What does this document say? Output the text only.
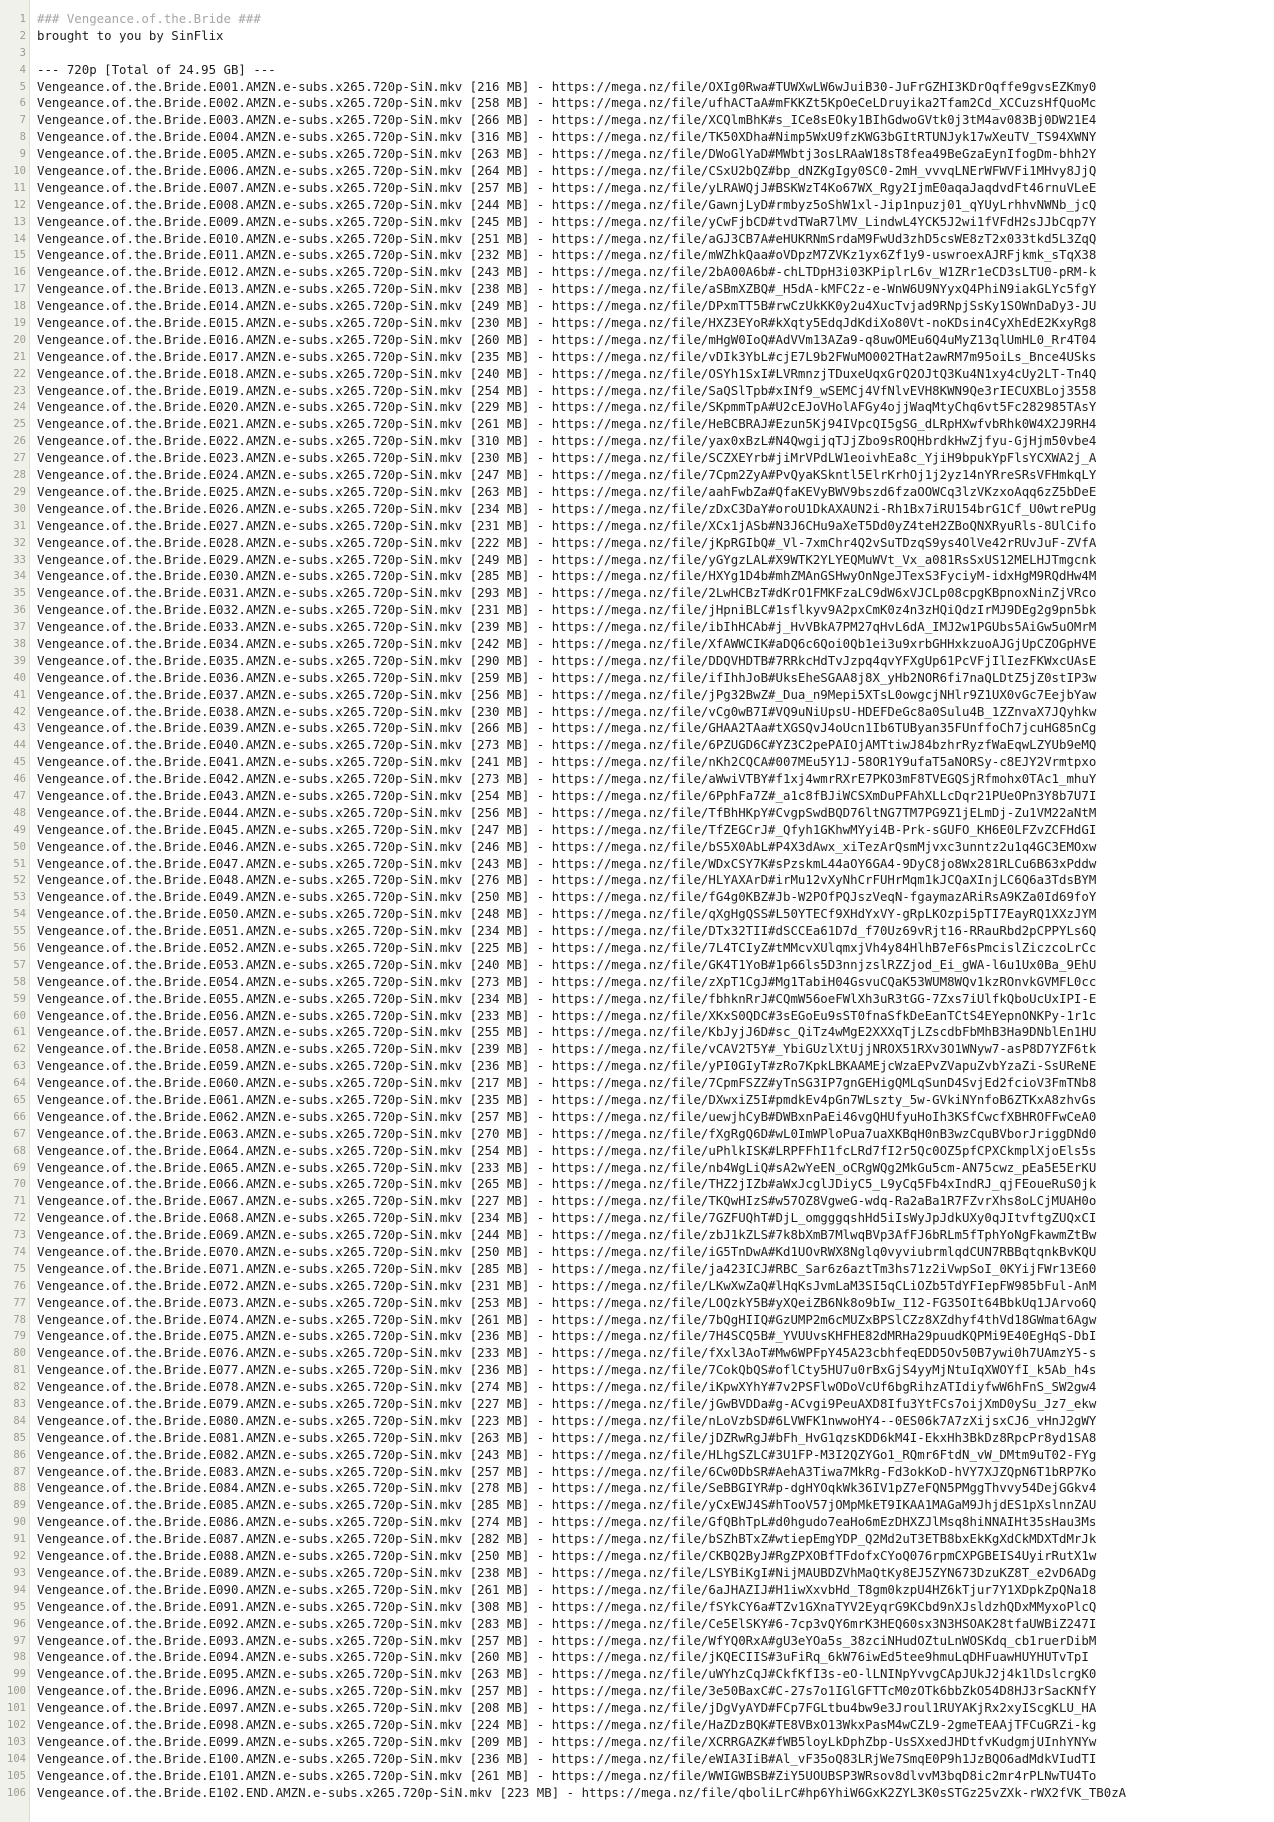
1
2
3
4
5
6
7
8
9
10
11
12
13
14
15
16
17
18
19
20
21
22
23
24
25
26
27
28
29
30
31
32
33
34
35
36
37
38
39
40
41
42
43
44
45
46
47
48
49
50
51
52
53
54
55
56
57
58
59
60
61
62
63
64
65
66
67
68
69
70
71
72
73
74
75
76
77
78
79
80
81
82
83
84
85
86
87
88
89
90
91
92
93
94
95
96
97
98
99
100
101
102
103
104
105
106
### Vengeance.of.the.Bride ###
brought to you by SinFlix
--- 720p [Total of 24.95 GB] ---
Vengeance.of.the.Bride.E001.AMZN.e-subs.x265.720p-SiN.mkv [216 MB] - https://mega.nz/file/OXIg0Rwa#TUWXwLW6wJuiB30-JuFrGZHI3KDrOqffe9gvsEZKmy0
Vengeance.of.the.Bride.E002.AMZN.e-subs.x265.720p-SiN.mkv [258 MB] - https://mega.nz/file/ufhACTaA#mFKKZt5KpOeCeLDruyika2Tfam2Cd_XCCuzsHfQuoMc
Vengeance.of.the.Bride.E003.AMZN.e-subs.x265.720p-SiN.mkv [266 MB] - https://mega.nz/file/XCQlmBhK#s_ICe8sEOky1BIhGdwoGVtk0j3tM4av083Bj0DW21E4
Vengeance.of.the.Bride.E004.AMZN.e-subs.x265.720p-SiN.mkv [316 MB] - https://mega.nz/file/TK50XDha#Nimp5WxU9fzKWG3bGItRTUNJyk17wXeuTV_TS94XWNY
Vengeance.of.the.Bride.E005.AMZN.e-subs.x265.720p-SiN.mkv [263 MB] - https://mega.nz/file/DWoGlYaD#MWbtj3osLRAaW18sT8fea49BeGzaEynIfogDm-bhh2Y
Vengeance.of.the.Bride.E006.AMZN.e-subs.x265.720p-SiN.mkv [264 MB] - https://mega.nz/file/CSxU2bQZ#bp_dNZKgIgy0SC0-2mH_vvvqLNErWFWVFi1MHvy8JjQ
Vengeance.of.the.Bride.E007.AMZN.e-subs.x265.720p-SiN.mkv [257 MB] - https://mega.nz/file/yLRAWQjJ#BSKWzT4Ko67WX_Rgy2IjmE0aqaJaqdvdFt46rnuVLeE
Vengeance.of.the.Bride.E008.AMZN.e-subs.x265.720p-SiN.mkv [244 MB] - https://mega.nz/file/GawnjLyD#rmbyz5oShW1xl-Jip1npuzj01_qYUyLrhhvNWNb_jcQ
Vengeance.of.the.Bride.E009.AMZN.e-subs.x265.720p-SiN.mkv [245 MB] - https://mega.nz/file/yCwFjbCD#tvdTWaR7lMV_LindwL4YCK5J2wi1fVFdH2sJJbCqp7Y
Vengeance.of.the.Bride.E010.AMZN.e-subs.x265.720p-SiN.mkv [251 MB] - https://mega.nz/file/aGJ3CB7A#eHUKRNmSrdaM9FwUd3zhD5csWE8zT2x033tkd5L3ZqQ
Vengeance.of.the.Bride.E011.AMZN.e-subs.x265.720p-SiN.mkv [232 MB] - https://mega.nz/file/mWZhkQaa#oVDpzM7ZVKz1yx6Zf1y9-uswroexAJRFjkmk_sTqX38
Vengeance.of.the.Bride.E012.AMZN.e-subs.x265.720p-SiN.mkv [243 MB] - https://mega.nz/file/2bA00A6b#-chLTDpH3i03KPiplrL6v_W1ZRr1eCD3sLTU0-pRM-k
Vengeance.of.the.Bride.E013.AMZN.e-subs.x265.720p-SiN.mkv [238 MB] - https://mega.nz/file/aSBmXZBQ#_H5dA-kMFC2z-e-WnW6U9NYyxQ4PhiN9iakGLYc5fgY
Vengeance.of.the.Bride.E014.AMZN.e-subs.x265.720p-SiN.mkv [249 MB] - https://mega.nz/file/DPxmTT5B#rwCzUkKK0y2u4XucTvjad9RNpjSsKy1SOWnDaDy3-JU
Vengeance.of.the.Bride.E015.AMZN.e-subs.x265.720p-SiN.mkv [230 MB] - https://mega.nz/file/HXZ3EYoR#kXqty5EdqJdKdiXo80Vt-noKDsin4CyXhEdE2KxyRg8
Vengeance.of.the.Bride.E016.AMZN.e-subs.x265.720p-SiN.mkv [260 MB] - https://mega.nz/file/mHgW0IoQ#AdVVm13AZa9-q8uwOMEu6Q4uMyZ13qlUmHL0_Rr4T04
Vengeance.of.the.Bride.E017.AMZN.e-subs.x265.720p-SiN.mkv [235 MB] - https://mega.nz/file/vDIk3YbL#cjE7L9b2FWuMO002THat2awRM7m95oiLs_Bnce4USks
Vengeance.of.the.Bride.E018.AMZN.e-subs.x265.720p-SiN.mkv [240 MB] - https://mega.nz/file/OSYh1SxI#LVRmnzjTDuxeUqxGrQ2OJtQ3Ku4N1xy4cUy2LT-Tn4Q
Vengeance.of.the.Bride.E019.AMZN.e-subs.x265.720p-SiN.mkv [254 MB] - https://mega.nz/file/SaQSlTpb#xINf9_wSEMCj4VfNlvEVH8KWN9Qe3rIECUXBLoj3558
Vengeance.of.the.Bride.E020.AMZN.e-subs.x265.720p-SiN.mkv [229 MB] - https://mega.nz/file/SKpmmTpA#U2cEJoVHolAFGy4ojjWaqMtyChq6vt5Fc282985TAsY
Vengeance.of.the.Bride.E021.AMZN.e-subs.x265.720p-SiN.mkv [261 MB] - https://mega.nz/file/HeBCBRAJ#Ezun5Kj94IVpcQI5gSG_dLRpHXwfvbRhk0W4X2J9RH4
Vengeance.of.the.Bride.E022.AMZN.e-subs.x265.720p-SiN.mkv [310 MB] - https://mega.nz/file/yax0xBzL#N4QwgijqTJjZbo9sROQHbrdkHwZjfyu-GjHjm50vbe4
Vengeance.of.the.Bride.E023.AMZN.e-subs.x265.720p-SiN.mkv [230 MB] - https://mega.nz/file/SCZXEYrb#jiMrVPdLW1eoivhEa8c_YjiH9bpukYpFlsYCXWA2j_A
Vengeance.of.the.Bride.E024.AMZN.e-subs.x265.720p-SiN.mkv [247 MB] - https://mega.nz/file/7Cpm2ZyA#PvQyaKSkntl5ElrKrhOj1j2yz14nYRreSRsVFHmkqLY
Vengeance.of.the.Bride.E025.AMZN.e-subs.x265.720p-SiN.mkv [263 MB] - https://mega.nz/file/aahFwbZa#QfaKEVyBWV9bszd6fzaOOWCq3lzVKzxoAqq6zZ5bDeE
Vengeance.of.the.Bride.E026.AMZN.e-subs.x265.720p-SiN.mkv [234 MB] - https://mega.nz/file/zDxC3DaY#oroU1DkAXAUN2i-Rh1Bx7iRU154brG1Cf_U0wtrePUg
Vengeance.of.the.Bride.E027.AMZN.e-subs.x265.720p-SiN.mkv [231 MB] - https://mega.nz/file/XCx1jASb#N3J6CHu9aXeT5Dd0yZ4teH2ZBoQNXRyuRls-8UlCifo
Vengeance.of.the.Bride.E028.AMZN.e-subs.x265.720p-SiN.mkv [222 MB] - https://mega.nz/file/jKpRGIbQ#_Vl-7xmChr4Q2vSuTDzqS9ys4OlVe42rRUvJuF-ZVfA
Vengeance.of.the.Bride.E029.AMZN.e-subs.x265.720p-SiN.mkv [249 MB] - https://mega.nz/file/yGYgzLAL#X9WTK2YLYEQMuWVt_Vx_a081RsSxUS12MELHJTmgcnk
Vengeance.of.the.Bride.E030.AMZN.e-subs.x265.720p-SiN.mkv [285 MB] - https://mega.nz/file/HXYg1D4b#mhZMAnGSHwyOnNgeJTexS3FyciyM-idxHgM9RQdHw4M
Vengeance.of.the.Bride.E031.AMZN.e-subs.x265.720p-SiN.mkv [293 MB] - https://mega.nz/file/2LwHCBzT#dKrO1FMKFzaLC9dW6xVJCLp08cpgKBpnoxNinZjVRco
Vengeance.of.the.Bride.E032.AMZN.e-subs.x265.720p-SiN.mkv [231 MB] - https://mega.nz/file/jHpniBLC#1sflkyv9A2pxCmK0z4n3zHQiQdzIrMJ9DEg2g9pn5bk
Vengeance.of.the.Bride.E033.AMZN.e-subs.x265.720p-SiN.mkv [239 MB] - https://mega.nz/file/ibIhHCAb#j_HvVBkA7PM27qHvL6dA_IMJ2w1PGUbs5AiGw5uOMrM
Vengeance.of.the.Bride.E034.AMZN.e-subs.x265.720p-SiN.mkv [242 MB] - https://mega.nz/file/XfAWWCIK#aDQ6c6Qoi0Qb1ei3u9xrbGHHxkzuoAJGjUpCZOGpHVE
Vengeance.of.the.Bride.E035.AMZN.e-subs.x265.720p-SiN.mkv [290 MB] - https://mega.nz/file/DDQVHDTB#7RRkcHdTvJzpq4qvYFXgUp61PcVFjIlIezFKWxcUAsE
Vengeance.of.the.Bride.E036.AMZN.e-subs.x265.720p-SiN.mkv [259 MB] - https://mega.nz/file/ifIhhJoB#UksEheSGAA8j8X_yHb2NOR6fi7naQLDtZ5jZ0stIP3w
Vengeance.of.the.Bride.E037.AMZN.e-subs.x265.720p-SiN.mkv [256 MB] - https://mega.nz/file/jPg32BwZ#_Dua_n9Mepi5XTsL0owgcjNHlr9Z1UX0vGc7EejbYaw
Vengeance.of.the.Bride.E038.AMZN.e-subs.x265.720p-SiN.mkv [230 MB] - https://mega.nz/file/vCg0wB7I#VQ9uNiUpsU-HDEFDeGc8a0Sulu4B_1ZZnvaX7JQyhkw
Vengeance.of.the.Bride.E039.AMZN.e-subs.x265.720p-SiN.mkv [266 MB] - https://mega.nz/file/GHAA2TAa#tXGSQvJ4oUcn1Ib6TUByan35FUnffoCh7jcuHG85nCg
Vengeance.of.the.Bride.E040.AMZN.e-subs.x265.720p-SiN.mkv [273 MB] - https://mega.nz/file/6PZUGD6C#YZ3C2pePAIOjAMTtiwJ84bzhrRyzfWaEqwLZYUb9eMQ
Vengeance.of.the.Bride.E041.AMZN.e-subs.x265.720p-SiN.mkv [241 MB] - https://mega.nz/file/nKh2CQCA#007MEu5Y1J-58OR1Y9ufaT5aNORSy-c8EJY2Vrmtpxo
Vengeance.of.the.Bride.E042.AMZN.e-subs.x265.720p-SiN.mkv [273 MB] - https://mega.nz/file/aWwiVTBY#f1xj4wmrRXrE7PKO3mF8TVEGQSjRfmohx0TAc1_mhuY
Vengeance.of.the.Bride.E043.AMZN.e-subs.x265.720p-SiN.mkv [254 MB] - https://mega.nz/file/6PphFa7Z#_a1c8fBJiWCSXmDuPFAhXLLcDqr21PUeOPn3Y8b7U7I
Vengeance.of.the.Bride.E044.AMZN.e-subs.x265.720p-SiN.mkv [256 MB] - https://mega.nz/file/TfBhHKpY#CvgpSwdBQD76ltNG7TM7PG9Z1jELmDj-Zu1VM22aNtM
Vengeance.of.the.Bride.E045.AMZN.e-subs.x265.720p-SiN.mkv [247 MB] - https://mega.nz/file/TfZEGCrJ#_Qfyh1GKhwMYyi4B-Prk-sGUFO_KH6E0LFZvZCFHdGI
Vengeance.of.the.Bride.E046.AMZN.e-subs.x265.720p-SiN.mkv [246 MB] - https://mega.nz/file/bS5X0AbL#P4X3dAwx_xiTezArQsmMjvxc3unntz2u1q4GC3EMOxw
Vengeance.of.the.Bride.E047.AMZN.e-subs.x265.720p-SiN.mkv [243 MB] - https://mega.nz/file/WDxCSY7K#sPzskmL44aOY6GA4-9DyC8jo8Wx281RLCu6B63xPddw
Vengeance.of.the.Bride.E048.AMZN.e-subs.x265.720p-SiN.mkv [276 MB] - https://mega.nz/file/HLYAXArD#irMu12vXyNhCrFUHrMqm1kJCQaXInjLC6Q6a3TdsBYM
Vengeance.of.the.Bride.E049.AMZN.e-subs.x265.720p-SiN.mkv [250 MB] - https://mega.nz/file/fG4g0KBZ#Jb-W2POfPQJszVeqN-fgaymazARiRsA9KZa0Id69foY
Vengeance.of.the.Bride.E050.AMZN.e-subs.x265.720p-SiN.mkv [248 MB] - https://mega.nz/file/qXgHgQSS#L50YTECf9XHdYxVY-gRpLKOzpi5pTI7EayRQ1XXzJYM
Vengeance.of.the.Bride.E051.AMZN.e-subs.x265.720p-SiN.mkv [234 MB] - https://mega.nz/file/DTx32TII#dSCCEa61D7d_f70Uz69vRjt16-RRauRbd2pCPPYLs6Q
Vengeance.of.the.Bride.E052.AMZN.e-subs.x265.720p-SiN.mkv [225 MB] - https://mega.nz/file/7L4TCIyZ#tMMcvXUlqmxjVh4y84HlhB7eF6sPmcislZiczcoLrCc
Vengeance.of.the.Bride.E053.AMZN.e-subs.x265.720p-SiN.mkv [240 MB] - https://mega.nz/file/GK4T1YoB#1p66ls5D3nnjzslRZZjod_Ei_gWA-l6u1Ux0Ba_9EhU
Vengeance.of.the.Bride.E054.AMZN.e-subs.x265.720p-SiN.mkv [273 MB] - https://mega.nz/file/zXpT1CgJ#Mg1TabiH04GsvuCQaK53WUM8WQv1kzROnvkGVMFL0cc
Vengeance.of.the.Bride.E055.AMZN.e-subs.x265.720p-SiN.mkv [234 MB] - https://mega.nz/file/fbhknRrJ#CQmW56oeFWlXh3uR3tGG-7Zxs7iUlfkQboUcUxIPI-E
Vengeance.of.the.Bride.E056.AMZN.e-subs.x265.720p-SiN.mkv [233 MB] - https://mega.nz/file/XKxS0QDC#3sEGoEu9sST0fnaSfkDeEanTCtS4EYepnONKPy-1r1c
Vengeance.of.the.Bride.E057.AMZN.e-subs.x265.720p-SiN.mkv [255 MB] - https://mega.nz/file/KbJyjJ6D#sc_QiTz4wMgE2XXXqTjLZscdbFbMhB3Ha9DNblEn1HU
Vengeance.of.the.Bride.E058.AMZN.e-subs.x265.720p-SiN.mkv [239 MB] - https://mega.nz/file/vCAV2T5Y#_YbiGUzlXtUjjNROX51RXv3O1WNyw7-asP8D7YZF6tk
Vengeance.of.the.Bride.E059.AMZN.e-subs.x265.720p-SiN.mkv [236 MB] - https://mega.nz/file/yPI0GIyT#zRo7KpkLBKAAMEjcWzaEPvZVapuZvbYzaZi-SsUReNE
Vengeance.of.the.Bride.E060.AMZN.e-subs.x265.720p-SiN.mkv [217 MB] - https://mega.nz/file/7CpmFSZZ#yTnSG3IP7gnGEHigQMLqSunD4SvjEd2fcioV3FmTNb8
Vengeance.of.the.Bride.E061.AMZN.e-subs.x265.720p-SiN.mkv [235 MB] - https://mega.nz/file/DXwxiZ5I#pmdkEv4pGn7WLszty_5w-GVkiNYnfoB6ZTKxA8zhvGs
Vengeance.of.the.Bride.E062.AMZN.e-subs.x265.720p-SiN.mkv [257 MB] - https://mega.nz/file/uewjhCyB#DWBxnPaEi46vgQHUfyuHoIh3KSfCwcfXBHROFFwCeA0
Vengeance.of.the.Bride.E063.AMZN.e-subs.x265.720p-SiN.mkv [270 MB] - https://mega.nz/file/fXgRgQ6D#wL0ImWPloPua7uaXKBqH0nB3wzCquBVborJriggDNd0
Vengeance.of.the.Bride.E064.AMZN.e-subs.x265.720p-SiN.mkv [254 MB] - https://mega.nz/file/uPhlkISK#LRPFFhI1fcLRd7fI2r5Qc0OZ5pfCPXCkmplXjoEls5s
Vengeance.of.the.Bride.E065.AMZN.e-subs.x265.720p-SiN.mkv [233 MB] - https://mega.nz/file/nb4WgLiQ#sA2wYeEN_oCRgWQg2MkGu5cm-AN75cwz_pEa5E5ErKU
Vengeance.of.the.Bride.E066.AMZN.e-subs.x265.720p-SiN.mkv [265 MB] - https://mega.nz/file/THZ2jIZb#aWxJcglJDiyC5_L9yCq5Fb4xIndRJ_qjFEoueRuS0jk
Vengeance.of.the.Bride.E067.AMZN.e-subs.x265.720p-SiN.mkv [227 MB] - https://mega.nz/file/TKQwHIzS#w57OZ8VgweG-wdq-Ra2aBa1R7FZvrXhs8oLCjMUAH0o
Vengeance.of.the.Bride.E068.AMZN.e-subs.x265.720p-SiN.mkv [234 MB] - https://mega.nz/file/7GZFUQhT#DjL_omgggqshHd5iIsWyJpJdkUXy0qJItvftgZUQxCI
Vengeance.of.the.Bride.E069.AMZN.e-subs.x265.720p-SiN.mkv [244 MB] - https://mega.nz/file/zbJ1kZLS#7k8bXmB7MlwqBVp3AfFJ6bRLm5fTphYoNgFkawmZtBw
Vengeance.of.the.Bride.E070.AMZN.e-subs.x265.720p-SiN.mkv [250 MB] - https://mega.nz/file/iG5TnDwA#Kd1UOvRWX8Nglq0vyviubrmlqdCUN7RBBqtqnkBvKQU
Vengeance.of.the.Bride.E071.AMZN.e-subs.x265.720p-SiN.mkv [285 MB] - https://mega.nz/file/ja423ICJ#RBC_Sar6z6aztTm3hs71z2iVwpSoI_0KYijFWr13E60
Vengeance.of.the.Bride.E072.AMZN.e-subs.x265.720p-SiN.mkv [231 MB] - https://mega.nz/file/LKwXwZaQ#lHqKsJvmLaM3SI5qCLiOZb5TdYFIepFW985bFul-AnM
Vengeance.of.the.Bride.E073.AMZN.e-subs.x265.720p-SiN.mkv [253 MB] - https://mega.nz/file/LOQzkY5B#yXQeiZB6Nk8o9bIw_I12-FG35OIt64BbkUq1JArvo6Q
Vengeance.of.the.Bride.E074.AMZN.e-subs.x265.720p-SiN.mkv [261 MB] - https://mega.nz/file/7bQgHIIQ#GzUMP2m6cMUZxBPSlCZz8XZdhyf4thVd18GWmat6Agw
Vengeance.of.the.Bride.E075.AMZN.e-subs.x265.720p-SiN.mkv [236 MB] - https://mega.nz/file/7H4SCQ5B#_YVUUvsKHFHE82dMRHa29puudKQPMi9E40EgHqS-DbI
Vengeance.of.the.Bride.E076.AMZN.e-subs.x265.720p-SiN.mkv [233 MB] - https://mega.nz/file/fXxl3AoT#Mw6WPFpY45A23cbhfeqEDD5Ov50B7ywi0h7UAmzY5-s
Vengeance.of.the.Bride.E077.AMZN.e-subs.x265.720p-SiN.mkv [236 MB] - https://mega.nz/file/7CokQbQS#oflCty5HU7u0rBxGjS4yyMjNtuIqXWOYfI_k5Ab_h4s
Vengeance.of.the.Bride.E078.AMZN.e-subs.x265.720p-SiN.mkv [274 MB] - https://mega.nz/file/iKpwXYhY#7v2PSFlwODoVcUf6bgRihzATIdiyfwW6hFnS_SW2gw4
Vengeance.of.the.Bride.E079.AMZN.e-subs.x265.720p-SiN.mkv [227 MB] - https://mega.nz/file/jGwBVDDa#g-ACvgi9PeuAXD8Ifu3YtFCs7oijXmD0ySu_Jz7_ekw
Vengeance.of.the.Bride.E080.AMZN.e-subs.x265.720p-SiN.mkv [223 MB] - https://mega.nz/file/nLoVzbSD#6LVWFK1nwwoHY4--0ES06k7A7zXijsxCJ6_vHnJ2gWY
Vengeance.of.the.Bride.E081.AMZN.e-subs.x265.720p-SiN.mkv [263 MB] - https://mega.nz/file/jDZRwRgJ#bFh_HvG1qzsKDD6kM4I-EkxHh3BkDz8RpcPr8yd1SA8
Vengeance.of.the.Bride.E082.AMZN.e-subs.x265.720p-SiN.mkv [243 MB] - https://mega.nz/file/HLhgSZLC#3U1FP-M3I2QZYGo1_RQmr6FtdN_vW_DMtm9uT02-FYg
Vengeance.of.the.Bride.E083.AMZN.e-subs.x265.720p-SiN.mkv [257 MB] - https://mega.nz/file/6Cw0DbSR#AehA3Tiwa7MkRg-Fd3okKoD-hVY7XJZQpN6T1bRP7Ko
Vengeance.of.the.Bride.E084.AMZN.e-subs.x265.720p-SiN.mkv [278 MB] - https://mega.nz/file/SeBBGIYR#p-dgHYOqkWk36IV1pZ7eFQN5PMggThvvy54DejGGkv4
Vengeance.of.the.Bride.E085.AMZN.e-subs.x265.720p-SiN.mkv [285 MB] - https://mega.nz/file/yCxEWJ4S#hTooV57jOMpMkET9IKAA1MAGaM9JhjdES1pXslnnZAU
Vengeance.of.the.Bride.E086.AMZN.e-subs.x265.720p-SiN.mkv [274 MB] - https://mega.nz/file/GfQBhTpL#d0hgudo7eaHo6mEzDHXZJlMsq8hiNNAIHt35sHau3Ms
Vengeance.of.the.Bride.E087.AMZN.e-subs.x265.720p-SiN.mkv [282 MB] - https://mega.nz/file/bSZhBTxZ#wtiepEmgYDP_Q2Md2uT3ETB8bxEkKgXdCkMDXTdMrJk
Vengeance.of.the.Bride.E088.AMZN.e-subs.x265.720p-SiN.mkv [250 MB] - https://mega.nz/file/CKBQ2ByJ#RgZPXOBfTFdofxCYoQ076rpmCXPGBEIS4UyirRutX1w
Vengeance.of.the.Bride.E089.AMZN.e-subs.x265.720p-SiN.mkv [238 MB] - https://mega.nz/file/LSYBiKgI#NijMAUBDZVhMaQtKy8EJ5ZYN673DzuKZ8T_e2vD6ADg
Vengeance.of.the.Bride.E090.AMZN.e-subs.x265.720p-SiN.mkv [261 MB] - https://mega.nz/file/6aJHAZIJ#H1iwXxvbHd_T8gm0kzpU4HZ6kTjur7Y1XDpkZpQNa18
Vengeance.of.the.Bride.E091.AMZN.e-subs.x265.720p-SiN.mkv [308 MB] - https://mega.nz/file/fSYkCY6a#TZv1GXnaTYV2EyqrG9KCbd9nXJsldzhQDxMMyxoPlcQ
Vengeance.of.the.Bride.E092.AMZN.e-subs.x265.720p-SiN.mkv [283 MB] - https://mega.nz/file/Ce5ElSKY#6-7cp3vQY6mrK3HEQ60sx3N3HSOAK28tfaUWBiZ247I
Vengeance.of.the.Bride.E093.AMZN.e-subs.x265.720p-SiN.mkv [257 MB] - https://mega.nz/file/WfYQ0RxA#gU3eYOa5s_38zciNHudOZtuLnWOSKdq_cb1ruerDibM
Vengeance.of.the.Bride.E094.AMZN.e-subs.x265.720p-SiN.mkv [260 MB] - https://mega.nz/file/jKQECIIS#3uFiRq_6kW76iwEd5tee9hmuLqDHFuawHUYHUTvTpI
Vengeance.of.the.Bride.E095.AMZN.e-subs.x265.720p-SiN.mkv [263 MB] - https://mega.nz/file/uWYhzCqJ#CkfKfI3s-eO-lLNINpYvvgCApJUkJ2j4k1lDslcrgK0
Vengeance.of.the.Bride.E096.AMZN.e-subs.x265.720p-SiN.mkv [257 MB] - https://mega.nz/file/3e50BaxC#C-27s7o1IGlGFTTcM0zOTk6bbZkO54D8HJ3rSacKNfY
Vengeance.of.the.Bride.E097.AMZN.e-subs.x265.720p-SiN.mkv [208 MB] - https://mega.nz/file/jDgVyAYD#FCp7FGLtbu4bw9e3Jroul1RUYAKjRx2xyIScgKLU_HA
Vengeance.of.the.Bride.E098.AMZN.e-subs.x265.720p-SiN.mkv [224 MB] - https://mega.nz/file/HaZDzBQK#TE8VBxO13WkxPasM4wCZL9-2gmeTEAAjTFCuGRZi-kg
Vengeance.of.the.Bride.E099.AMZN.e-subs.x265.720p-SiN.mkv [209 MB] - https://mega.nz/file/XCRRGAZK#fWB5loyLkDphZbp-UsSXxedJHDtfvKudgmjUInhYNYw
Vengeance.of.the.Bride.E100.AMZN.e-subs.x265.720p-SiN.mkv [236 MB] - https://mega.nz/file/eWIA3IiB#Al_vF35oQ83LRjWe7SmqE0P9h1JzBQO6adMdkVIudTI
Vengeance.of.the.Bride.E101.AMZN.e-subs.x265.720p-SiN.mkv [261 MB] - https://mega.nz/file/WWIGWBSB#ZiY5UOUBSP3WRsov8dlvvM3bqD8ic2mr4rPLNwTU4To
Vengeance.of.the.Bride.E102.END.AMZN.e-subs.x265.720p-SiN.mkv [223 MB] - https://mega.nz/file/qboliLrC#hp6YhiW6GxK2ZYL3K0sSTGz25vZXk-rWX2fVK_TB0zA
